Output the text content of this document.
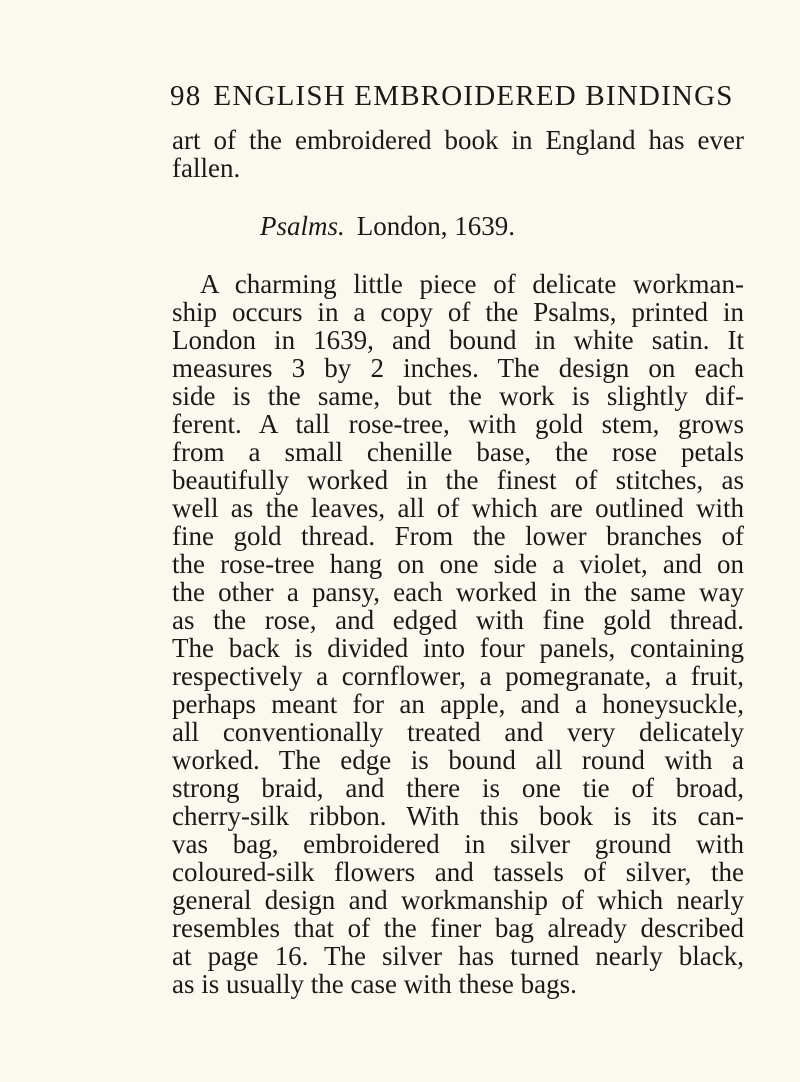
98 ENGLISH EMBROIDERED BINDINGS
art of the embroidered book in England has ever
fallen.
Psalms. London, 1639.
A charming little piece of delicate workman-
ship occurs in a copy of the Psalms, printed in
London in 1639, and bound in white satin. It
measures 3 by 2 inches. The design on each
side is the same, but the work is slightly dif-
ferent. A tall rose-tree, with gold stem, grows
from a small chenille base, the rose petals
beautifully worked in the finest of stitches, as
well as the leaves, all of which are outlined with
fine gold thread. From the lower branches of
the rose-tree hang on one side a violet, and on
the other a pansy, each worked in the same way
as the rose, and edged with fine gold thread.
The back is divided into four panels, containing
respectively a cornflower, a pomegranate, a fruit,
perhaps meant for an apple, and a honeysuckle,
all conventionally treated and very delicately
worked. The edge is bound all round with a
strong braid, and there is one tie of broad,
cherry-silk ribbon. With this book is its can-
vas bag, embroidered in silver ground with
coloured-silk flowers and tassels of silver, the
general design and workmanship of which nearly
resembles that of the finer bag already described
at page 16. The silver has turned nearly black,
as is usually the case with these bags.
